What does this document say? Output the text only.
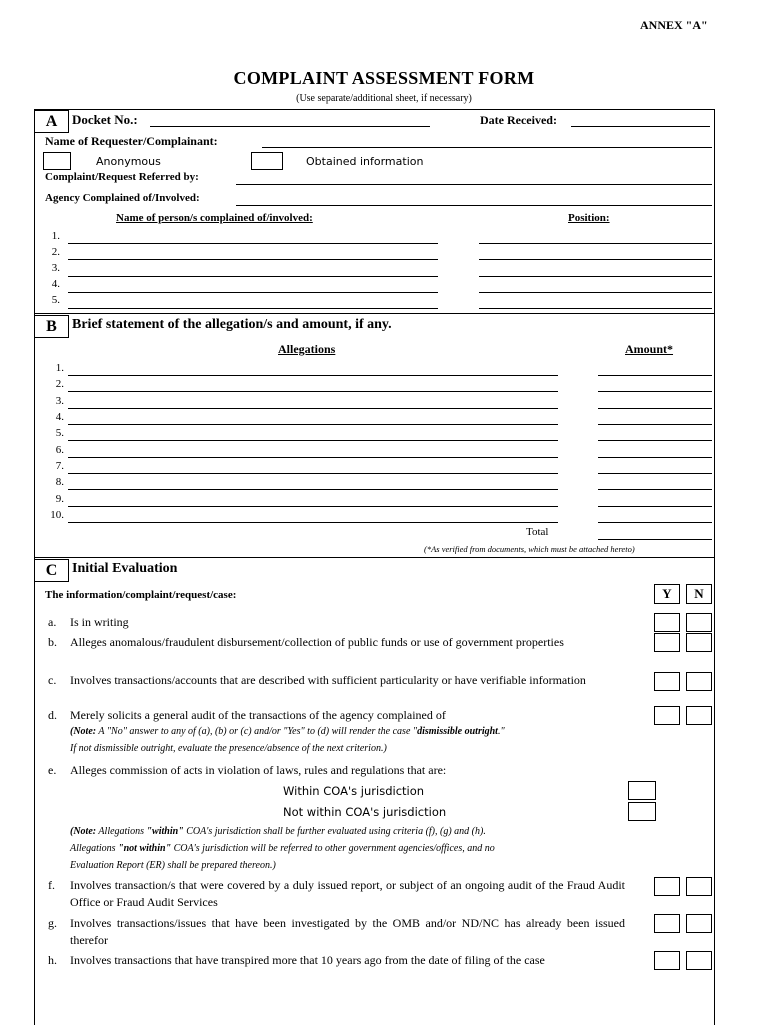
ANNEX "A"
COMPLAINT ASSESSMENT FORM
(Use separate/additional sheet, if necessary)
A	Docket No.:	Date Received:
Name of Requester/Complainant:
Anonymous	Obtained information
Complaint/Request Referred by:
Agency Complained of/Involved:
Name of person/s complained of/involved:	Position:
1.
2.
3.
4.
5.
B	Brief statement of the allegation/s and amount, if any.
Allegations	Amount*
1.
2.
3.
4.
5.
6.
7.
8.
9.
10.
Total
(*As verified from documents, which must be attached hereto)
C	Initial Evaluation
The information/complaint/request/case:	Y	N
a. Is in writing
b. Alleges anomalous/fraudulent disbursement/collection of public funds or use of government properties
c. Involves transactions/accounts that are described with sufficient particularity or have verifiable information
d. Merely solicits a general audit of the transactions of the agency complained of
(Note: A "No" answer to any of (a), (b) or (c) and/or "Yes" to (d) will render the case "dismissible outright."
If not dismissible outright, evaluate the presence/absence of the next criterion.)
e. Alleges commission of acts in violation of laws, rules and regulations that are:
Within COA's jurisdiction
Not within COA's jurisdiction
(Note: Allegations "within" COA's jurisdiction shall be further evaluated using criteria (f), (g) and (h).
Allegations "not within" COA's jurisdiction will be referred to other government agencies/offices, and no
Evaluation Report (ER) shall be prepared thereon.)
f. Involves transaction/s that were covered by a duly issued report, or subject of an ongoing audit of the Fraud Audit Office or Fraud Audit Services
g. Involves transactions/issues that have been investigated by the OMB and/or ND/NC has already been issued therefor
h. Involves transactions that have transpired more that 10 years ago from the date of filing of the case
